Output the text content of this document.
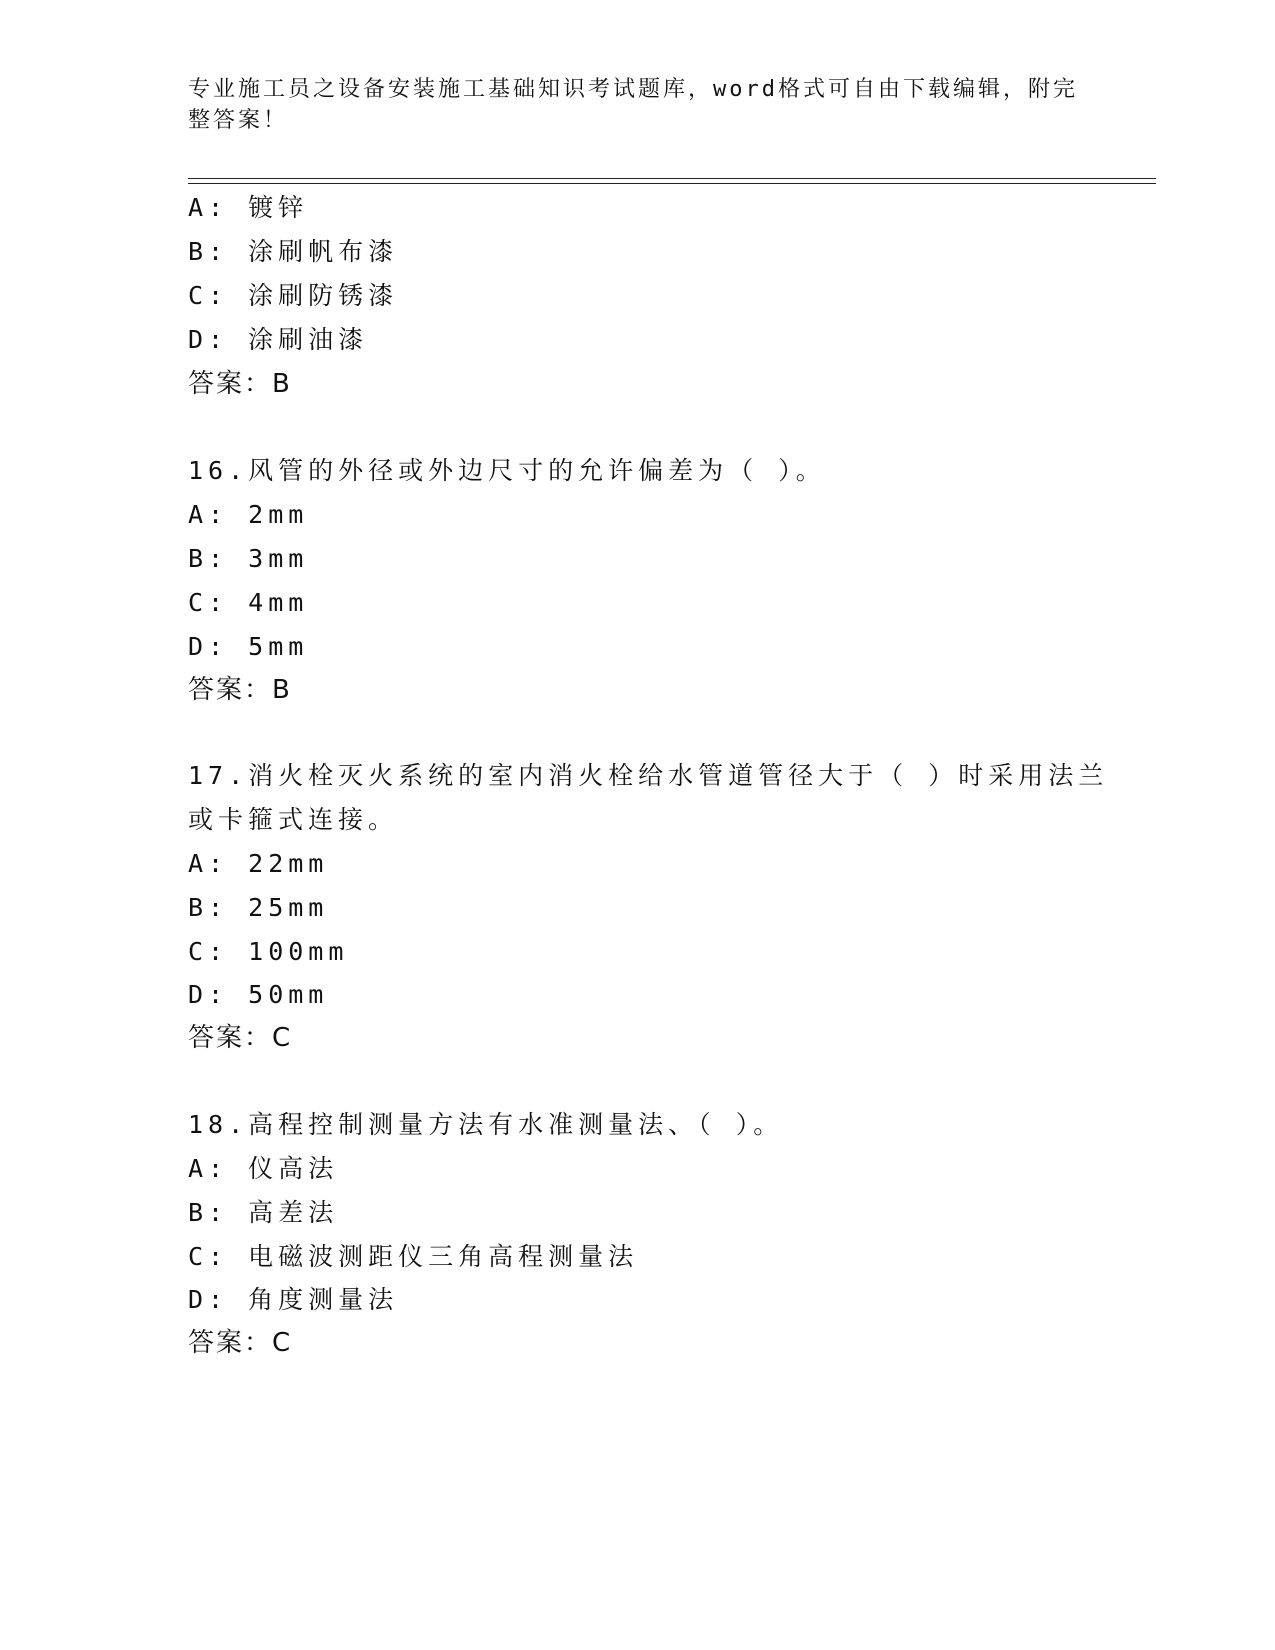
专业施工员之设备安装施工基础知识考试题库，word格式可自由下载编辑，附完
整答案！
A: 镀锌
B: 涂刷帆布漆
C: 涂刷防锈漆
D: 涂刷油漆
答案：B
16.风管的外径或外边尺寸的允许偏差为（ ）。
A: 2mm
B: 3mm
C: 4mm
D: 5mm
答案：B
17.消火栓灭火系统的室内消火栓给水管道管径大于（ ）时采用法兰
或卡箍式连接。
A: 22mm
B: 25mm
C: 100mm
D: 50mm
答案：C
18.高程控制测量方法有水准测量法、（ ）。
A: 仪高法
B: 高差法
C: 电磁波测距仪三角高程测量法
D: 角度测量法
答案：C
